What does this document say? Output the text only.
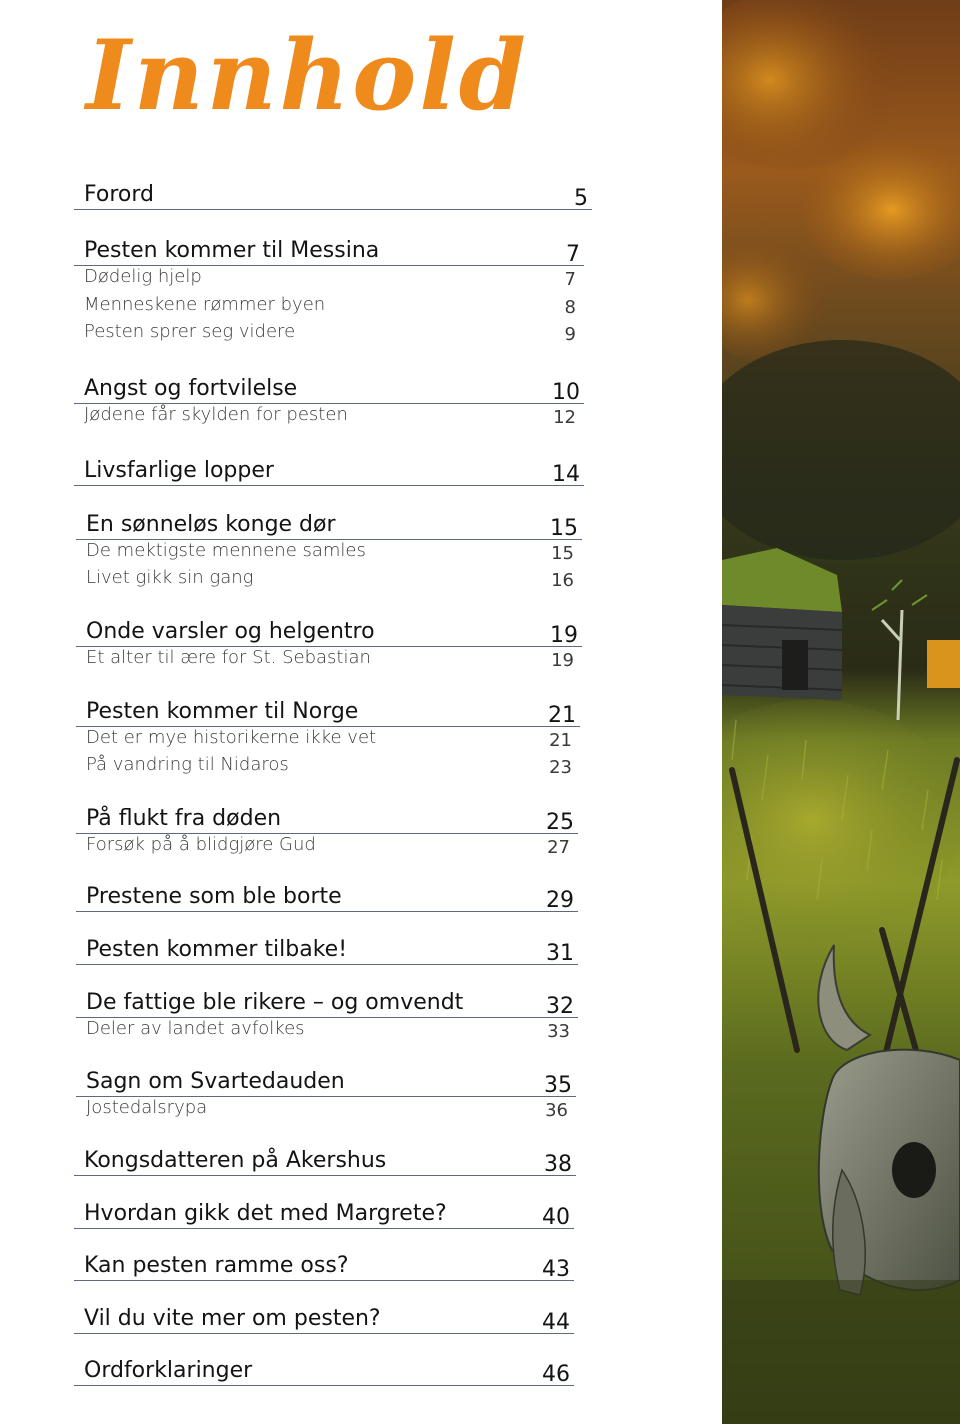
Innhold
Forord	5
Pesten kommer til Messina	7
Dødelig hjelp	7
Menneskene rømmer byen	8
Pesten sprer seg videre	9
Angst og fortvilelse	10
Jødene får skylden for pesten	12
Livsfarlige lopper	14
En sønneløs konge dør	15
De mektigste mennene samles	15
Livet gikk sin gang	16
Onde varsler og helgentro	19
Et alter til ære for St. Sebastian	19
Pesten kommer til Norge	21
Det er mye historikerne ikke vet	21
På vandring til Nidaros	23
På flukt fra døden	25
Forsøk på å blidgjøre Gud	27
Prestene som ble borte	29
Pesten kommer tilbake!	31
De fattige ble rikere – og omvendt	32
Deler av landet avfolkes	33
Sagn om Svartedauden	35
Jostedalsrypa	36
Kongsdatteren på Akershus	38
Hvordan gikk det med Margrete?	40
Kan pesten ramme oss?	43
Vil du vite mer om pesten?	44
Ordforklaringer	46
